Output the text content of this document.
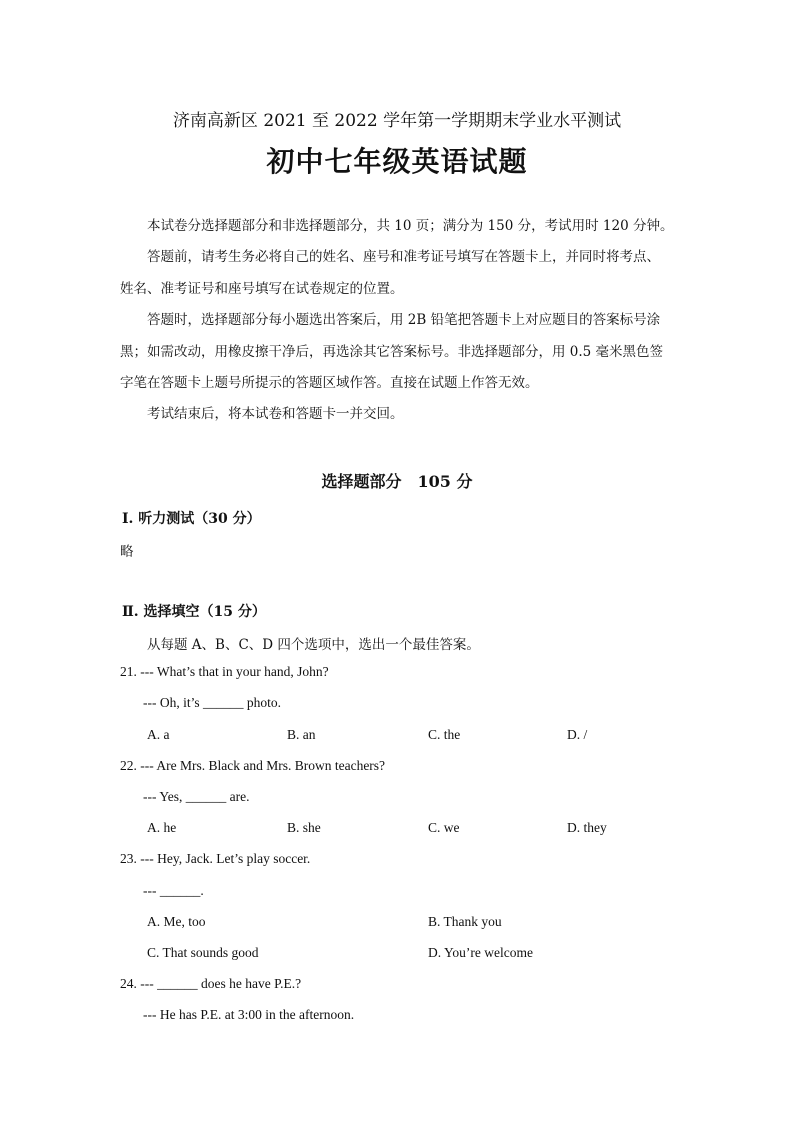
济南高新区 2021 至 2022 学年第一学期期末学业水平测试
初中七年级英语试题
本试卷分选择题部分和非选择题部分，共 10 页；满分为 150 分，考试用时 120 分钟。
答题前，请考生务必将自己的姓名、座号和准考证号填写在答题卡上，并同时将考点、
姓名、准考证号和座号填写在试卷规定的位置。
答题时，选择题部分每小题选出答案后，用 2B 铅笔把答题卡上对应题目的答案标号涂
黑；如需改动，用橡皮擦干净后，再选涂其它答案标号。非选择题部分，用 0.5 毫米黑色签
字笔在答题卡上题号所提示的答题区域作答。直接在试题上作答无效。
考试结束后，将本试卷和答题卡一并交回。
选择题部分　105 分
Ⅰ. 听力测试（30 分）
略
Ⅱ. 选择填空（15 分）
从每题 A、B、C、D 四个选项中，选出一个最佳答案。
21. --- What’s that in your hand, John?
--- Oh, it’s ______ photo.
A. a	B. an	C. the	D. /
22. --- Are Mrs. Black and Mrs. Brown teachers?
--- Yes, ______ are.
A. he	B. she	C. we	D. they
23. --- Hey, Jack. Let’s play soccer.
--- ______.
A. Me, too	B. Thank you
C. That sounds good	D. You’re welcome
24. --- ______ does he have P.E.?
--- He has P.E. at 3:00 in the afternoon.
